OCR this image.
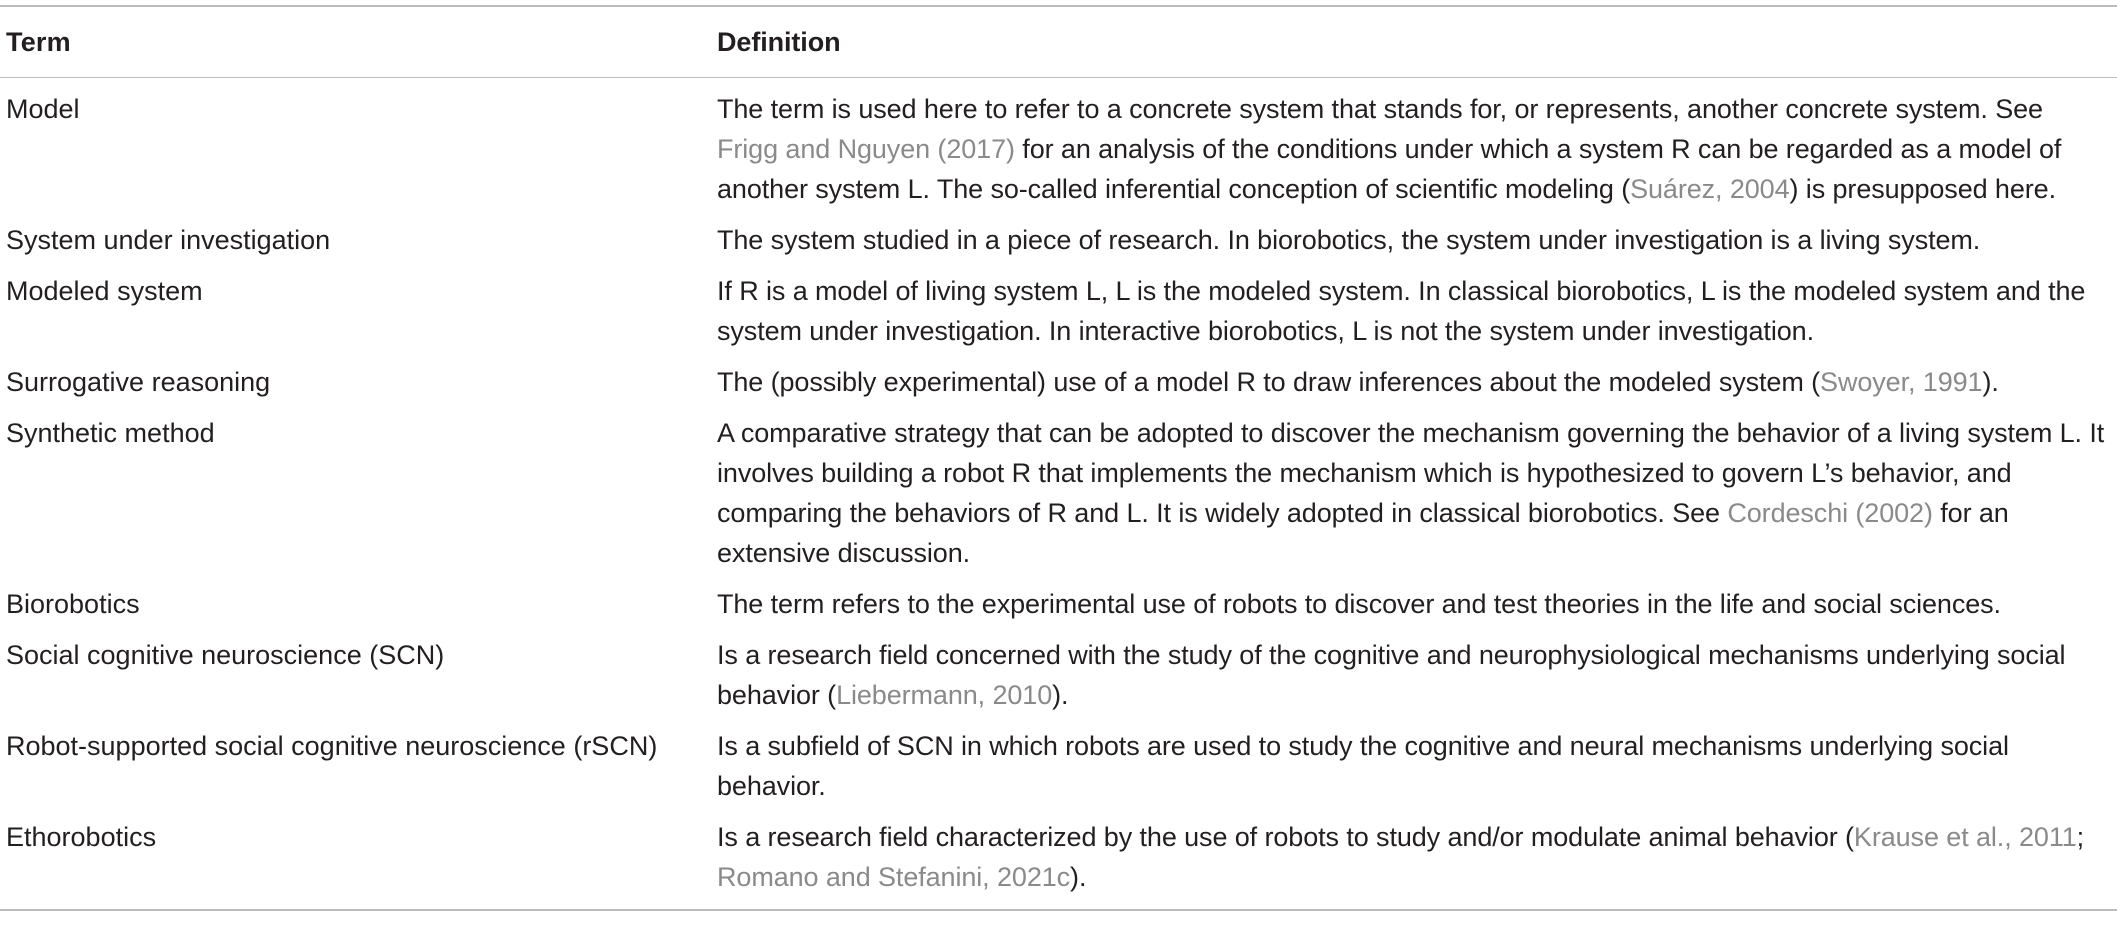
Term	Definition
Model	The term is used here to refer to a concrete system that stands for, or represents, another concrete system. See Frigg and Nguyen (2017) for an analysis of the conditions under which a system R can be regarded as a model of another system L. The so-called inferential conception of scientific modeling (Suárez, 2004) is presupposed here.
System under investigation	The system studied in a piece of research. In biorobotics, the system under investigation is a living system.
Modeled system	If R is a model of living system L, L is the modeled system. In classical biorobotics, L is the modeled system and the system under investigation. In interactive biorobotics, L is not the system under investigation.
Surrogative reasoning	The (possibly experimental) use of a model R to draw inferences about the modeled system (Swoyer, 1991).
Synthetic method	A comparative strategy that can be adopted to discover the mechanism governing the behavior of a living system L. It involves building a robot R that implements the mechanism which is hypothesized to govern L’s behavior, and comparing the behaviors of R and L. It is widely adopted in classical biorobotics. See Cordeschi (2002) for an extensive discussion.
Biorobotics	The term refers to the experimental use of robots to discover and test theories in the life and social sciences.
Social cognitive neuroscience (SCN)	Is a research field concerned with the study of the cognitive and neurophysiological mechanisms underlying social behavior (Liebermann, 2010).
Robot-supported social cognitive neuroscience (rSCN)	Is a subfield of SCN in which robots are used to study the cognitive and neural mechanisms underlying social behavior.
Ethorobotics	Is a research field characterized by the use of robots to study and/or modulate animal behavior (Krause et al., 2011; Romano and Stefanini, 2021c).
